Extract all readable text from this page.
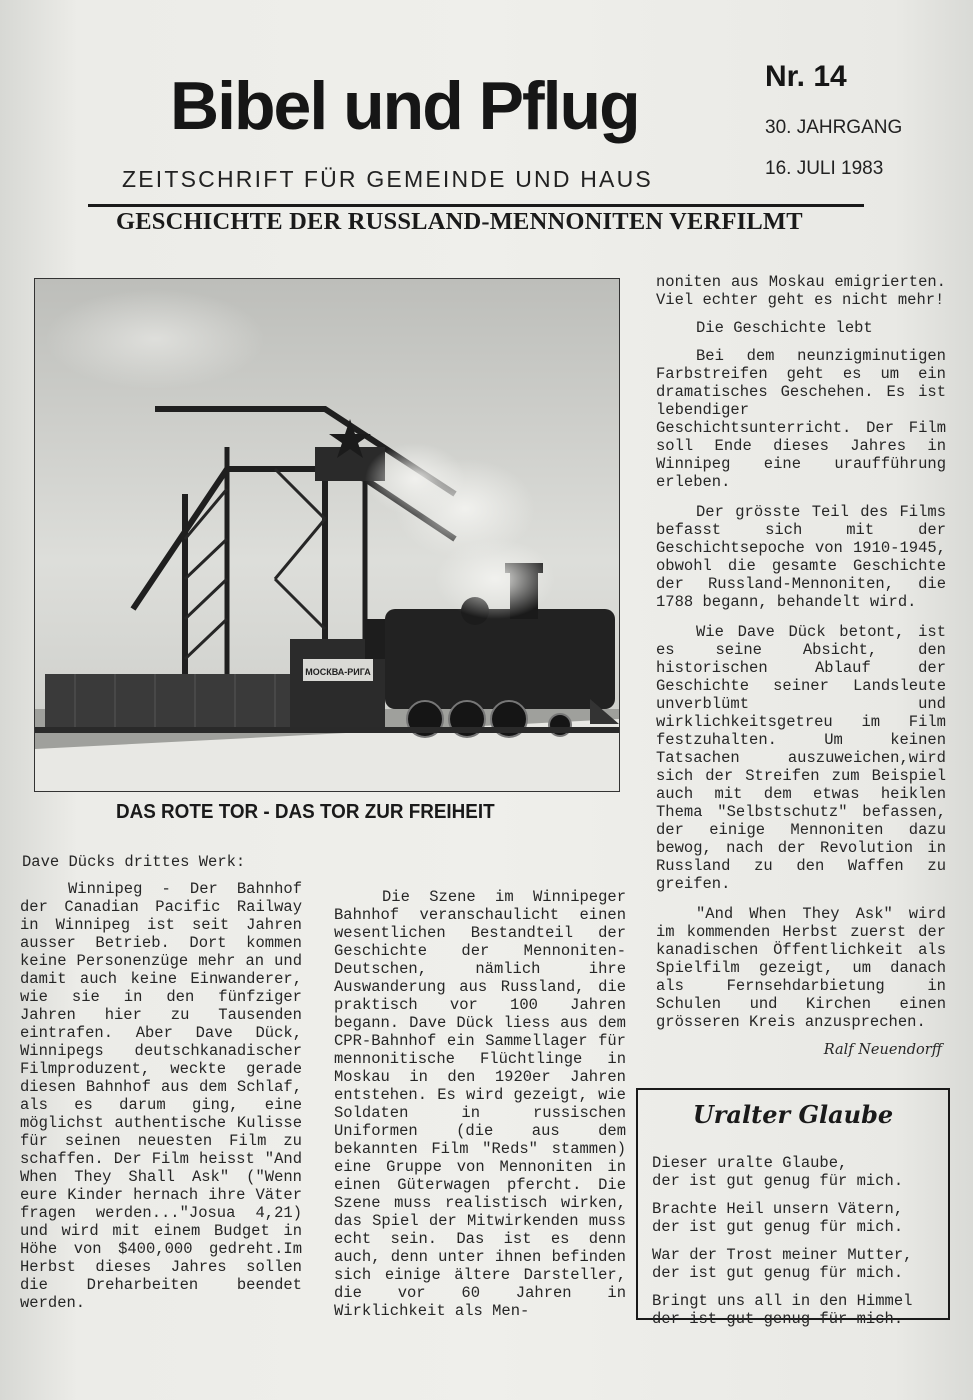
Bibel und Pflug
ZEITSCHRIFT FÜR GEMEINDE UND HAUS
Nr. 14
30. JAHRGANG
16. JULI 1983
GESCHICHTE DER RUSSLAND-MENNONITEN VERFILMT
МОСКВА-РИГА
DAS ROTE TOR - DAS TOR ZUR FREIHEIT
Dave Dücks drittes Werk:

Winnipeg - Der Bahnhof der Canadian Pacific Railway in Winnipeg ist seit Jahren ausser Betrieb. Dort kommen keine Personenzüge mehr an und damit auch keine Einwanderer, wie sie in den fünfziger Jahren hier zu Tausenden eintrafen. Aber Dave Dück, Winnipegs deutschkanadischer Filmproduzent, weckte gerade diesen Bahnhof aus dem Schlaf, als es darum ging, eine möglichst authentische Kulisse für seinen neuesten Film zu schaffen. Der Film heisst "And When They Shall Ask" ("Wenn eure Kinder hernach ihre Väter fragen werden..."Josua 4,21) und wird mit einem Budget in Höhe von $400,000 gedreht.Im Herbst dieses Jahres sollen die Dreharbeiten beendet werden.

Die Szene im Winnipeger Bahnhof veranschaulicht einen wesentlichen Bestandteil der Geschichte der Mennoniten-Deutschen, nämlich ihre Auswanderung aus Russland, die praktisch vor 100 Jahren begann. Dave Dück liess aus dem CPR-Bahnhof ein Sammellager für mennonitische Flüchtlinge in Moskau in den 1920er Jahren entstehen. Es wird gezeigt, wie Soldaten in russischen Uniformen (die aus dem bekannten Film "Reds" stammen) eine Gruppe von Mennoniten in einen Güterwagen pfercht. Die Szene muss realistisch wirken, das Spiel der Mitwirkenden muss echt sein. Das ist es denn auch, denn unter ihnen befinden sich einige ältere Darsteller, die vor 60 Jahren in Wirklichkeit als Men-

noniten aus Moskau emigrierten. Viel echter geht es nicht mehr!

Die Geschichte lebt

Bei dem neunzigminutigen Farbstreifen geht es um ein dramatisches Geschehen. Es ist lebendiger Geschichtsunterricht. Der Film soll Ende dieses Jahres in Winnipeg eine uraufführung erleben.

Der grösste Teil des Films befasst sich mit der Geschichtsepoche von 1910-1945, obwohl die gesamte Geschichte der Russland-Mennoniten, die 1788 begann, behandelt wird.

Wie Dave Dück betont, ist es seine Absicht, den historischen Ablauf der Geschichte seiner Landsleute unverblümt und wirklichkeitsgetreu im Film festzuhalten. Um keinen Tatsachen auszuweichen,wird sich der Streifen zum Beispiel auch mit dem etwas heiklen Thema "Selbstschutz" befassen, der einige Mennoniten dazu bewog, nach der Revolution in Russland zu den Waffen zu greifen.

"And When They Ask" wird im kommenden Herbst zuerst der kanadischen Öffentlichkeit als Spielfilm gezeigt, um danach als Fernsehdarbietung in Schulen und Kirchen einen grösseren Kreis anzusprechen.

Ralf Neuendorff
Uralter Glaube
Dieser uralte Glaube,
der ist gut genug für mich.
Brachte Heil unsern Vätern,
der ist gut genug für mich.
War der Trost meiner Mutter,
der ist gut genug für mich.
Bringt uns all in den Himmel
der ist gut genug für mich.
